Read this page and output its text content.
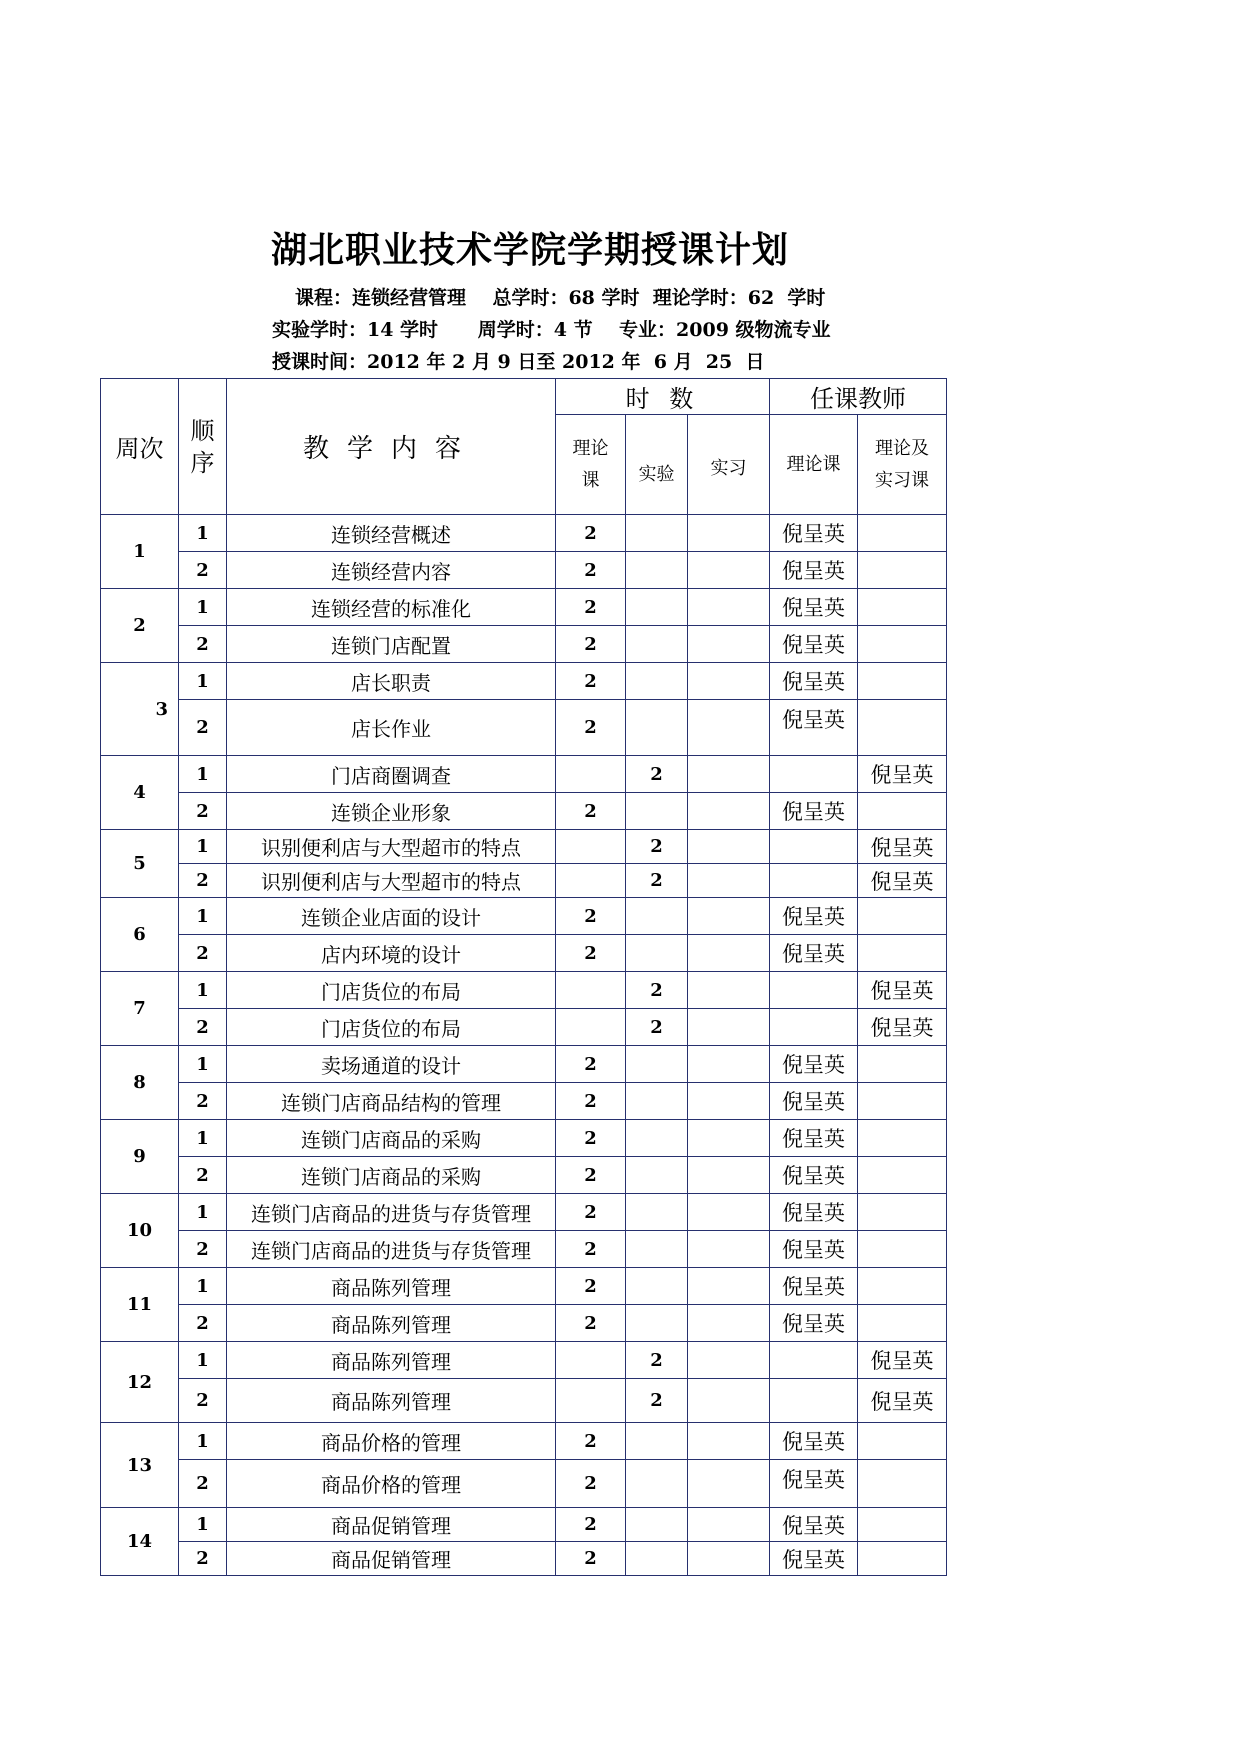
湖北职业技术学院学期授课计划
课程：连锁经营管理    总学时：68 学时  理论学时：62  学时
实验学时：14 学时      周学时：4 节    专业：2009 级物流专业
授课时间：2012 年 2 月 9 日至 2012 年  6 月  25  日
周次	顺序	教学内容	时 数			任课教师	
			理论课	实验	实习	理论课	理论及实习课
1	1	连锁经营概述	2			倪呈英	
	2	连锁经营内容	2			倪呈英	
2	1	连锁经营的标准化	2			倪呈英	
	2	连锁门店配置	2			倪呈英	
3	1	店长职责	2			倪呈英	
	2	店长作业	2			倪呈英	
4	1	门店商圈调查		2			倪呈英
	2	连锁企业形象	2			倪呈英	
5	1	识别便利店与大型超市的特点		2			倪呈英
	2	识别便利店与大型超市的特点		2			倪呈英
6	1	连锁企业店面的设计	2			倪呈英	
	2	店内环境的设计	2			倪呈英	
7	1	门店货位的布局		2			倪呈英
	2	门店货位的布局		2			倪呈英
8	1	卖场通道的设计	2			倪呈英	
	2	连锁门店商品结构的管理	2			倪呈英	
9	1	连锁门店商品的采购	2			倪呈英	
	2	连锁门店商品的采购	2			倪呈英	
10	1	连锁门店商品的进货与存货管理	2			倪呈英	
	2	连锁门店商品的进货与存货管理	2			倪呈英	
11	1	商品陈列管理	2			倪呈英	
	2	商品陈列管理	2			倪呈英	
12	1	商品陈列管理		2			倪呈英
	2	商品陈列管理		2			倪呈英
13	1	商品价格的管理	2			倪呈英	
	2	商品价格的管理	2			倪呈英	
14	1	商品促销管理	2			倪呈英	
	2	商品促销管理	2			倪呈英	
